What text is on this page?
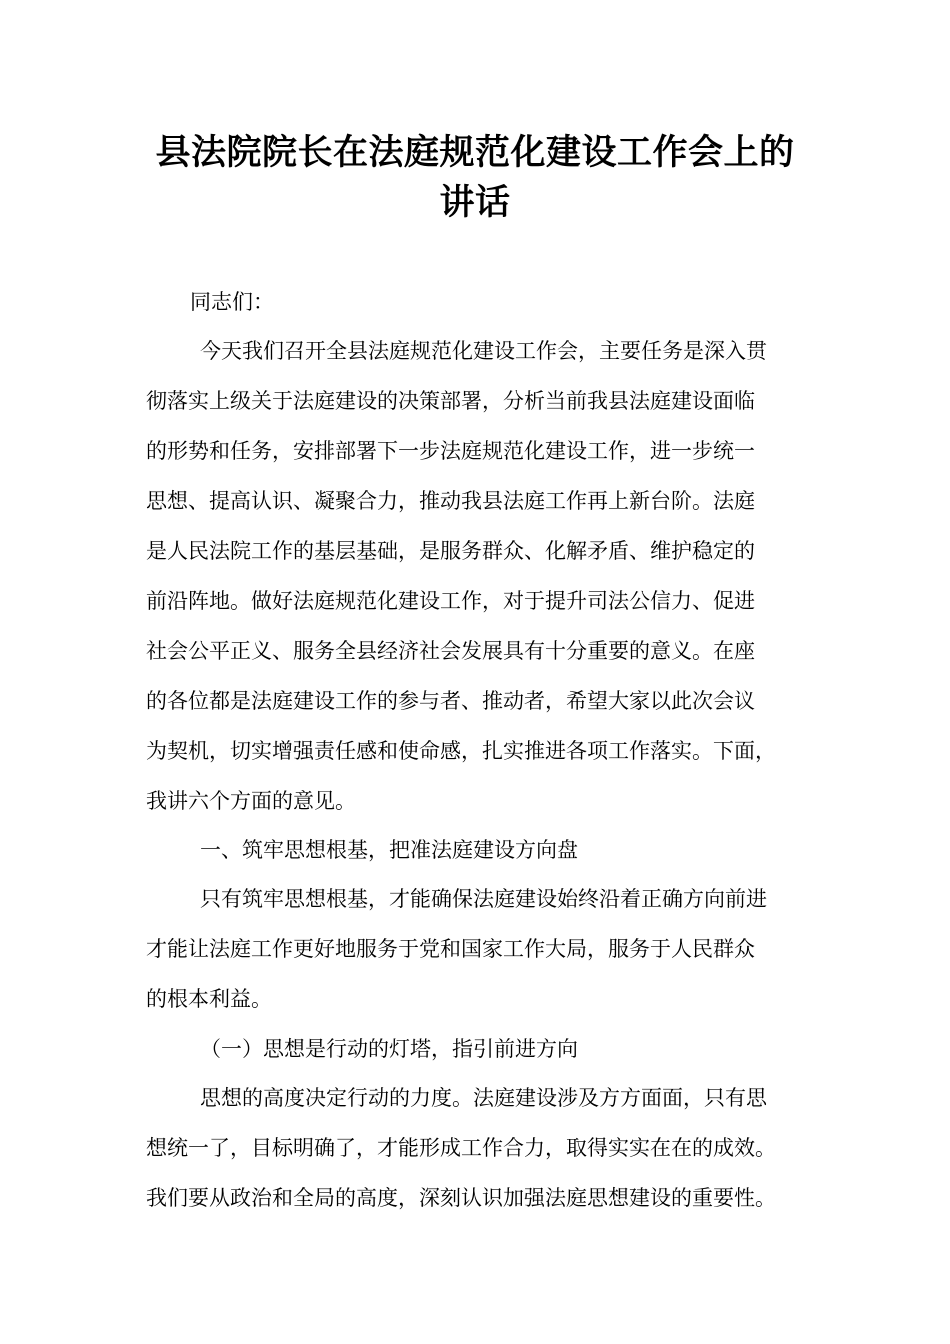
县法院院长在法庭规范化建设工作会上的
讲话

同志们：

今天我们召开全县法庭规范化建设工作会，主要任务是深入贯

彻落实上级关于法庭建设的决策部署，分析当前我县法庭建设面临

的形势和任务，安排部署下一步法庭规范化建设工作，进一步统一

思想、提高认识、凝聚合力，推动我县法庭工作再上新台阶。法庭

是人民法院工作的基层基础，是服务群众、化解矛盾、维护稳定的

前沿阵地。做好法庭规范化建设工作，对于提升司法公信力、促进

社会公平正义、服务全县经济社会发展具有十分重要的意义。在座

的各位都是法庭建设工作的参与者、推动者，希望大家以此次会议

为契机，切实增强责任感和使命感，扎实推进各项工作落实。下面，

我讲六个方面的意见。

一、筑牢思想根基，把准法庭建设方向盘

只有筑牢思想根基，才能确保法庭建设始终沿着正确方向前进

才能让法庭工作更好地服务于党和国家工作大局，服务于人民群众

的根本利益。

（一）思想是行动的灯塔，指引前进方向

思想的高度决定行动的力度。法庭建设涉及方方面面，只有思

想统一了，目标明确了，才能形成工作合力，取得实实在在的成效。

我们要从政治和全局的高度，深刻认识加强法庭思想建设的重要性。
